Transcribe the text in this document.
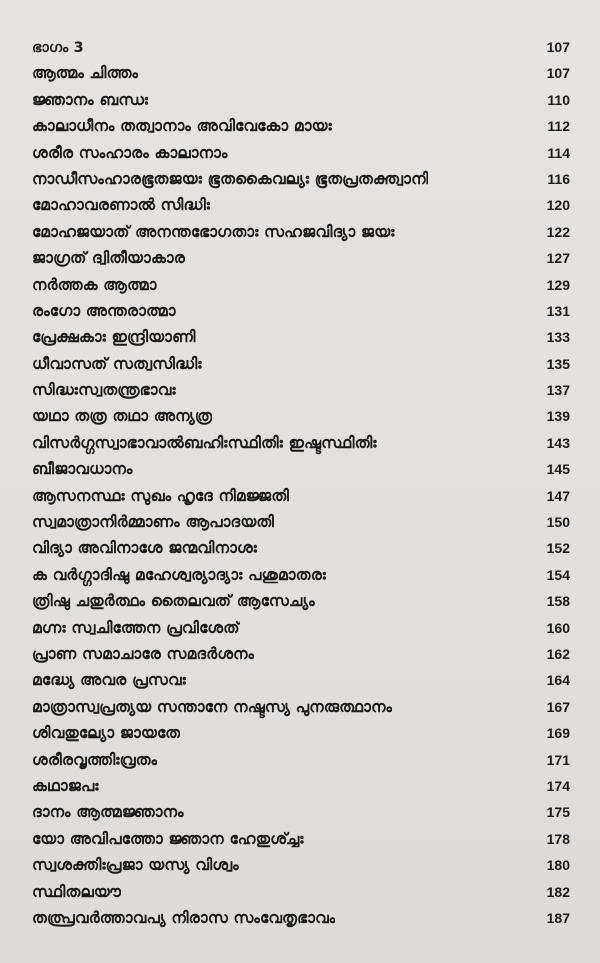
ഭാഗം 3	107
ആത്മം ചിത്തം	107
ജ്ഞാനം ബന്ധഃ	110
കാലാധീനം തത്വാനാം അവിവേകോ മായഃ	112
ശരീര സംഹാരം കാലാനാം	114
നാഡീസംഹാരഭൂതജയഃ ഭൂതകൈവല്യഃ ഭൂതപ്രതക്ത്വാനി	116
മോഹാവരണാൽ സിദ്ധിഃ	120
മോഹജയാത് അനന്തഭോഗതാഃ സഹജവിദ്യാ ജയഃ	122
ജാഗ്രത് ദ്വിതീയാകാര	127
നർത്തക ആത്മാ	129
രംഗോ അന്തരാത്മാ	131
പ്രേക്ഷകാഃ ഇന്ദ്രിയാണി	133
ധീവാസത് സത്വസിദ്ധിഃ	135
സിദ്ധഃസ്വതന്ത്രഭാവഃ	137
യഥാ തത്ര തഥാ അന്യത്ര	139
വിസർഗ്ഗസ്വാഭാവാൽബഹിഃസ്ഥിതിഃ ഇഷ്ടസ്ഥിതിഃ	143
ബീജാവധാനം	145
ആസനസ്ഥഃ സുഖം ഹൃദേ നിമജ്ജതി	147
സ്വമാത്രാനിർമ്മാണം ആപാദയതി	150
വിദ്യാ അവിനാശേ ജന്മവിനാശഃ	152
ക വർഗ്ഗാദിഷു മഹേശ്വര്യാദ്യാഃ പശുമാതരഃ	154
ത്രിഷു ചതുർത്ഥം തൈലവത് ആസേച്യം	158
മഗ്നഃ സ്വചിത്തേന പ്രവിശേത്	160
പ്രാണ സമാചാരേ സമദർശനം	162
മദ്ധ്യേ അവര പ്രസവഃ	164
മാത്രാസ്വപ്രത്യയ സന്താനേ നഷ്ടസ്യ പുനരുത്ഥാനം	167
ശിവതുല്യോ ജായതേ	169
ശരീരവൃത്തിഃവ്രതം	171
കഥാജപഃ	174
ദാനം ആത്മജ്ഞാനം	175
യോ അവിപത്തോ ജ്ഞാന ഹേതുശ്ച്ചഃ	178
സ്വശക്തിഃപ്രജാ യസ്യ വിശ്വം	180
സ്ഥിതലയൗ	182
തത്പ്രവർത്താവപ്യ നിരാസ സംവേതൃഭാവം	187
